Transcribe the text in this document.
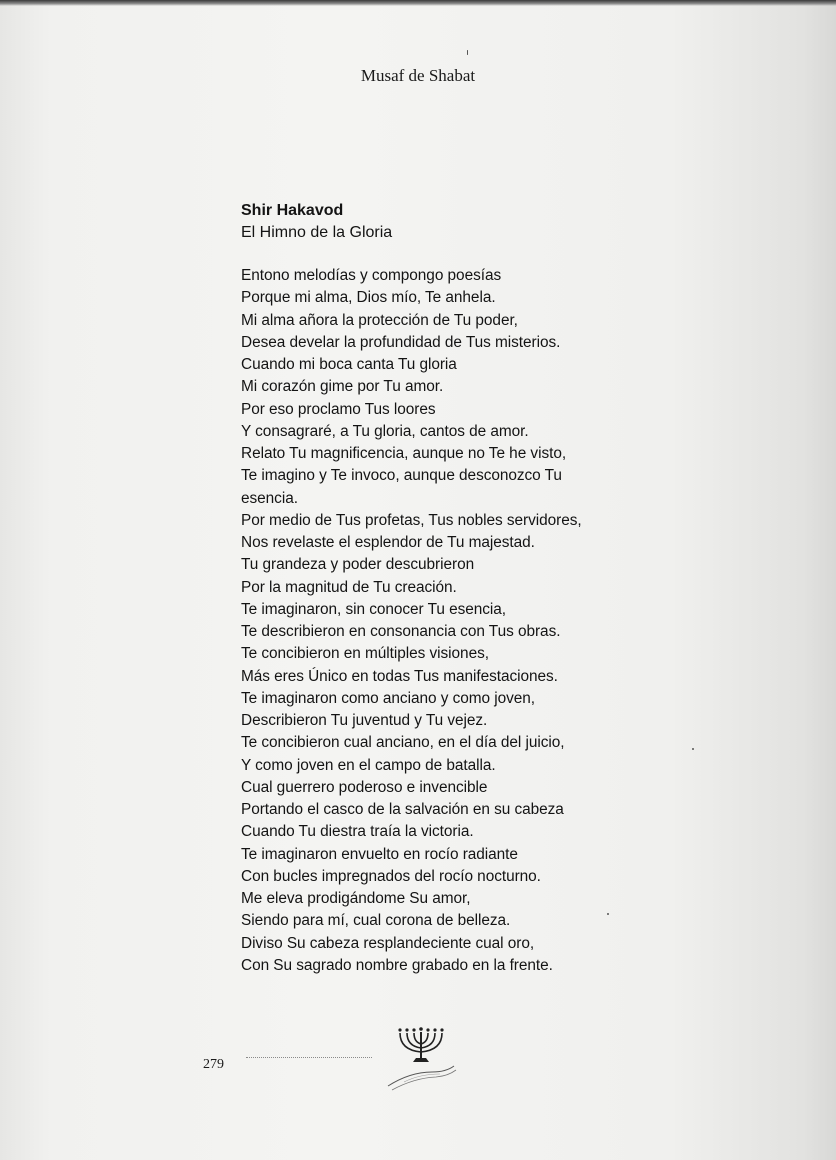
Musaf de Shabat

Shir Hakavod

El Himno de la Gloria

Entono melodías y compongo poesías
Porque mi alma, Dios mío, Te anhela.
Mi alma añora la protección de Tu poder,
Desea develar la profundidad de Tus misterios.
Cuando mi boca canta Tu gloria
Mi corazón gime por Tu amor.
Por eso proclamo Tus loores
Y consagraré, a Tu gloria, cantos de amor.
Relato Tu magnificencia, aunque no Te he visto,
Te imagino y Te invoco, aunque desconozco Tu
esencia.
Por medio de Tus profetas, Tus nobles servidores,
Nos revelaste el esplendor de Tu majestad.
Tu grandeza y poder descubrieron
Por la magnitud de Tu creación.
Te imaginaron, sin conocer Tu esencia,
Te describieron en consonancia con Tus obras.
Te concibieron en múltiples visiones,
Más eres Único en todas Tus manifestaciones.
Te imaginaron como anciano y como joven,
Describieron Tu juventud y Tu vejez.
Te concibieron cual anciano, en el día del juicio,
Y como joven en el campo de batalla.
Cual guerrero poderoso e invencible
Portando el casco de la salvación en su cabeza
Cuando Tu diestra traía la victoria.
Te imaginaron envuelto en rocío radiante
Con bucles impregnados del rocío nocturno.
Me eleva prodigándome Su amor,
Siendo para mí, cual corona de belleza.
Diviso Su cabeza resplandeciente cual oro,
Con Su sagrado nombre grabado en la frente.
279
